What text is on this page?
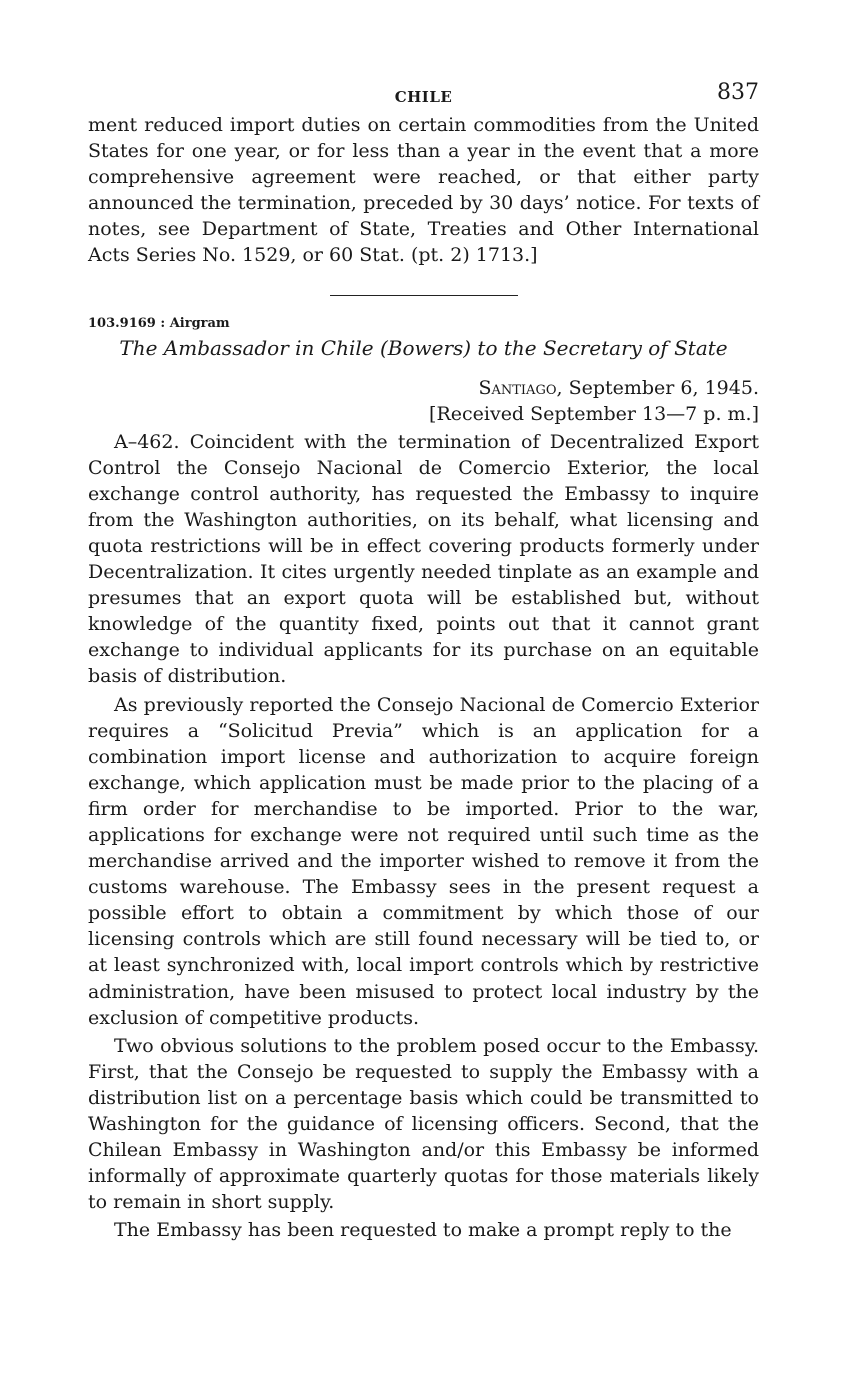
CHILE	837

ment reduced import duties on certain commodities from the United States for one year, or for less than a year in the event that a more comprehensive agreement were reached, or that either party announced the termination, preceded by 30 days’ notice. For texts of notes, see Department of State, Treaties and Other International Acts Series No. 1529, or 60 Stat. (pt. 2) 1713.]

103.9169 : Airgram
The Ambassador in Chile (Bowers) to the Secretary of State
Santiago, September 6, 1945.
[Received September 13—7 p. m.]

A–462. Coincident with the termination of Decentralized Export Control the Consejo Nacional de Comercio Exterior, the local exchange control authority, has requested the Embassy to inquire from the Washington authorities, on its behalf, what licensing and quota restrictions will be in effect covering products formerly under Decentralization. It cites urgently needed tinplate as an example and presumes that an export quota will be established but, without knowledge of the quantity fixed, points out that it cannot grant exchange to individual applicants for its purchase on an equitable basis of distribution.

As previously reported the Consejo Nacional de Comercio Exterior requires a “Solicitud Previa” which is an application for a combination import license and authorization to acquire foreign exchange, which application must be made prior to the placing of a firm order for merchandise to be imported. Prior to the war, applications for exchange were not required until such time as the merchandise arrived and the importer wished to remove it from the customs warehouse. The Embassy sees in the present request a possible effort to obtain a commitment by which those of our licensing controls which are still found necessary will be tied to, or at least synchronized with, local import controls which by restrictive administration, have been misused to protect local industry by the exclusion of competitive products.

Two obvious solutions to the problem posed occur to the Embassy. First, that the Consejo be requested to supply the Embassy with a distribution list on a percentage basis which could be transmitted to Washington for the guidance of licensing officers. Second, that the Chilean Embassy in Washington and/or this Embassy be informed informally of approximate quarterly quotas for those materials likely to remain in short supply.

The Embassy has been requested to make a prompt reply to the
